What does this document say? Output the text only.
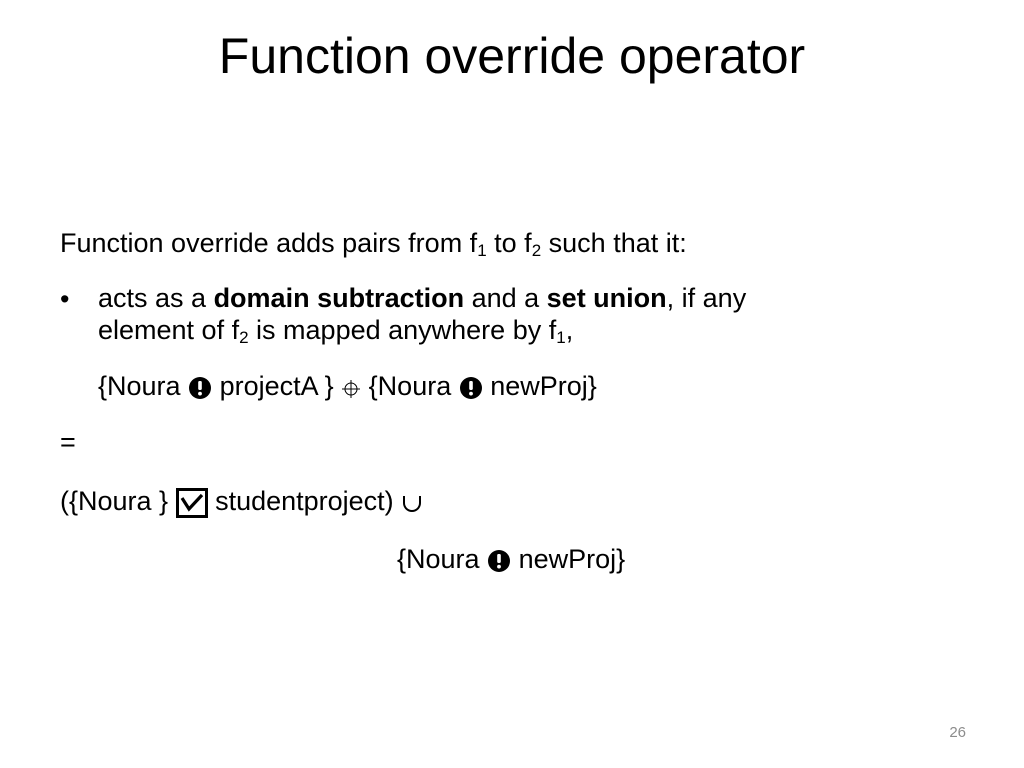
Function override operator
Function override adds pairs from $f_1$ to $f_2$ such that it:
• acts as a domain subtraction and a set union, if any
element of $f_2$ is mapped anywhere by $f_1$,
{Noura  projectA }  {Noura  newProj}
=
({Noura }  studentproject)
{Noura  newProj}
26
